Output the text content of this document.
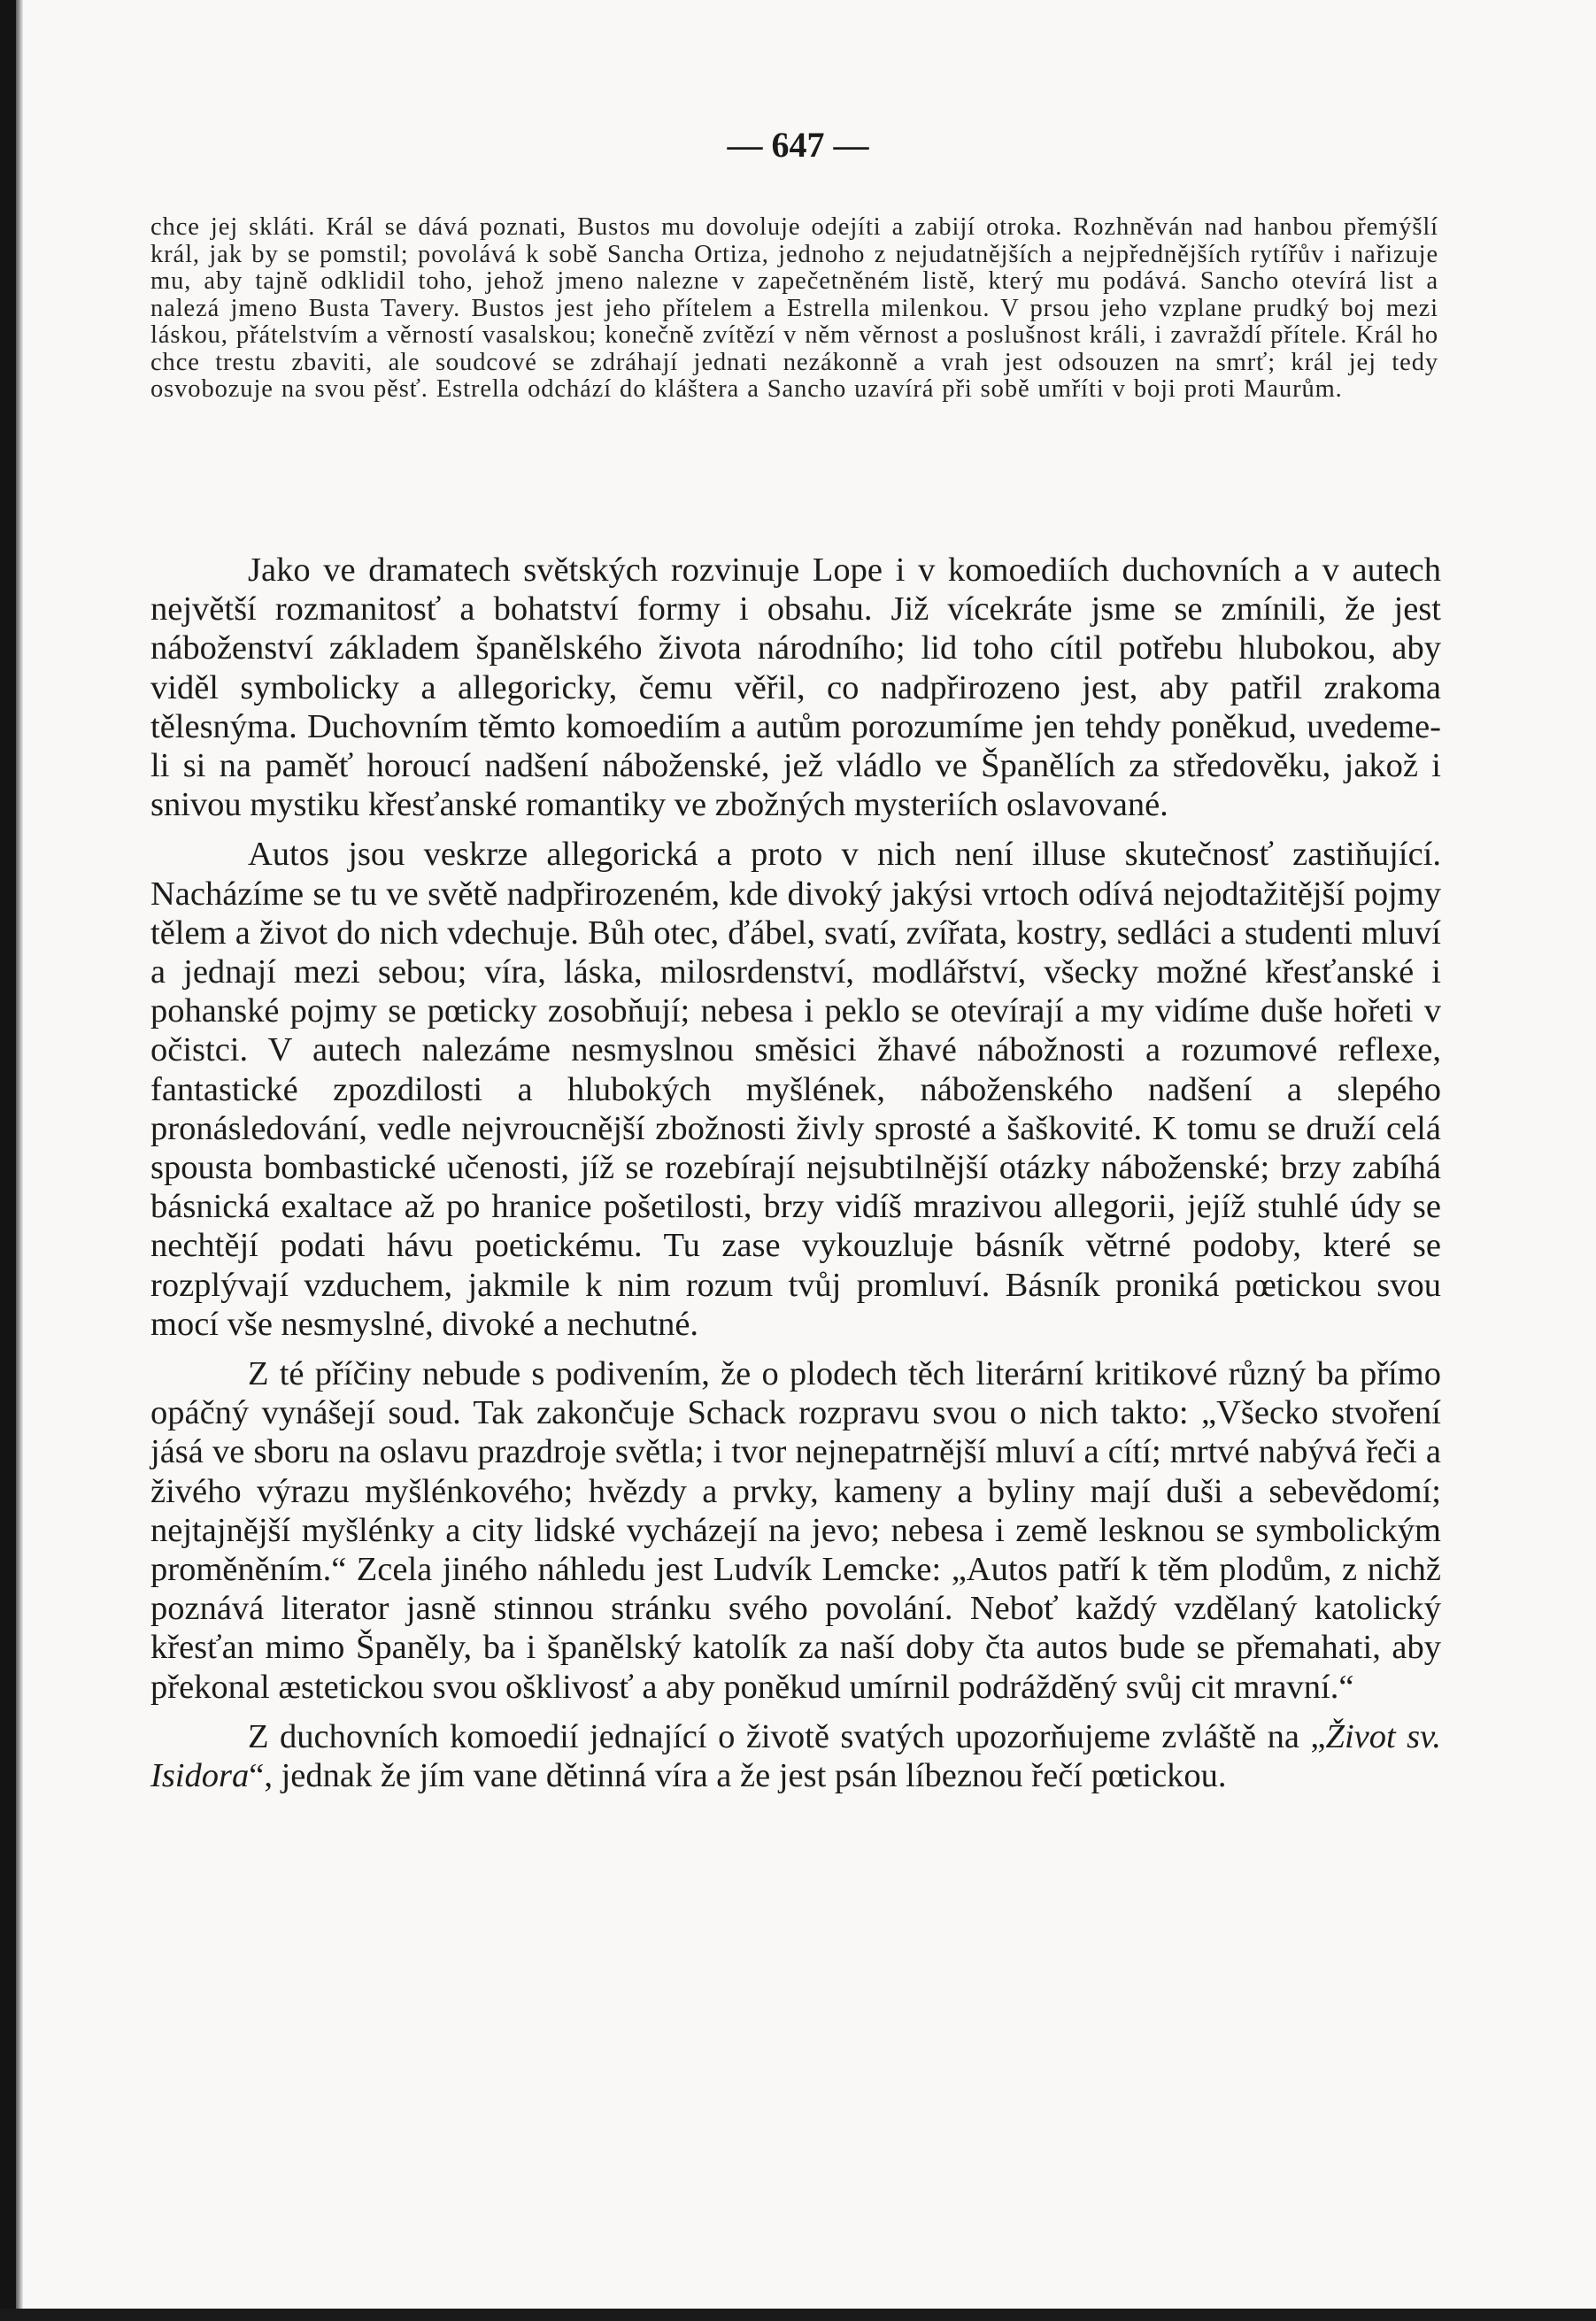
— 647 —
chce jej skláti. Král se dává poznati, Bustos mu dovoluje odejíti a zabijí otroka. Rozhněván nad hanbou přemýšlí král, jak by se pomstil; povolává k sobě Sancha Ortiza, jednoho z nejudatnějších a nejpřednějších rytířův i nařizuje mu, aby tajně odklidil toho, jehož jmeno nalezne v zapečetněném listě, který mu podává. Sancho otevírá list a nalezá jmeno Busta Tavery. Bustos jest jeho přítelem a Estrella milenkou. V prsou jeho vzplane prudký boj mezi láskou, přátelstvím a věrností vasalskou; konečně zvítězí v něm věrnost a poslušnost králi, i zavraždí přítele. Král ho chce trestu zbaviti, ale soudcové se zdráhají jednati nezákonně a vrah jest odsouzen na smrť; král jej tedy osvobozuje na svou pěsť. Estrella odchází do kláštera a Sancho uzavírá při sobě umříti v boji proti Maurům.

Jako ve dramatech světských rozvinuje Lope i v komoediích duchovních a v autech největší rozmanitosť a bohatství formy i obsahu. Již vícekráte jsme se zmínili, že jest náboženství základem španělského života národního; lid toho cítil potřebu hlubokou, aby viděl symbolicky a allegoricky, čemu věřil, co nadpřirozeno jest, aby patřil zrakoma tělesnýma. Duchovním těmto komoediím a autům porozumíme jen tehdy poněkud, uvedeme-li si na paměť horoucí nadšení náboženské, jež vládlo ve Španělích za středověku, jakož i snivou mystiku křesťanské romantiky ve zbožných mysteriích oslavované.

Autos jsou veskrze allegorická a proto v nich není illuse skutečnosť zastiňující. Nacházíme se tu ve světě nadpřirozeném, kde divoký jakýsi vrtoch odívá nejodtažitější pojmy tělem a život do nich vdechuje. Bůh otec, ďábel, svatí, zvířata, kostry, sedláci a studenti mluví a jednají mezi sebou; víra, láska, milosrdenství, modlářství, všecky možné křesťanské i pohanské pojmy se pœticky zosobňují; nebesa i peklo se otevírají a my vidíme duše hořeti v očistci. V autech nalezáme nesmyslnou směsici žhavé nábožnosti a rozumové reflexe, fantastické zpozdilosti a hlubokých myšlének, náboženského nadšení a slepého pronásledování, vedle nejvroucnější zbožnosti živly sprosté a šaškovité. K tomu se druží celá spousta bombastické učenosti, jíž se rozebírají nejsubtilnější otázky náboženské; brzy zabíhá básnická exaltace až po hranice pošetilosti, brzy vidíš mrazivou allegorii, jejíž stuhlé údy se nechtějí podati hávu poetickému. Tu zase vykouzluje básník větrné podoby, které se rozplývají vzduchem, jakmile k nim rozum tvůj promluví. Básník proniká pœtickou svou mocí vše nesmyslné, divoké a nechutné.

Z té příčiny nebude s podivením, že o plodech těch literární kritikové různý ba přímo opáčný vynášejí soud. Tak zakončuje Schack rozpravu svou o nich takto: „Všecko stvoření jásá ve sboru na oslavu prazdroje světla; i tvor nejnepatrnější mluví a cítí; mrtvé nabývá řeči a živého výrazu myšlénkového; hvězdy a prvky, kameny a byliny mají duši a sebevědomí; nejtajnější myšlénky a city lidské vycházejí na jevo; nebesa i země lesknou se symbolickým proměněním.“ Zcela jiného náhledu jest Ludvík Lemcke: „Autos patří k těm plodům, z nichž poznává literator jasně stinnou stránku svého povolání. Neboť každý vzdělaný katolický křesťan mimo Španěly, ba i španělský katolík za naší doby čta autos bude se přemahati, aby překonal æstetickou svou ošklivosť a aby poněkud umírnil podrážděný svůj cit mravní.“

Z duchovních komoedií jednající o životě svatých upozorňujeme zvláště na „Život sv. Isidora“, jednak že jím vane dětinná víra a že jest psán líbeznou řečí pœtickou.
